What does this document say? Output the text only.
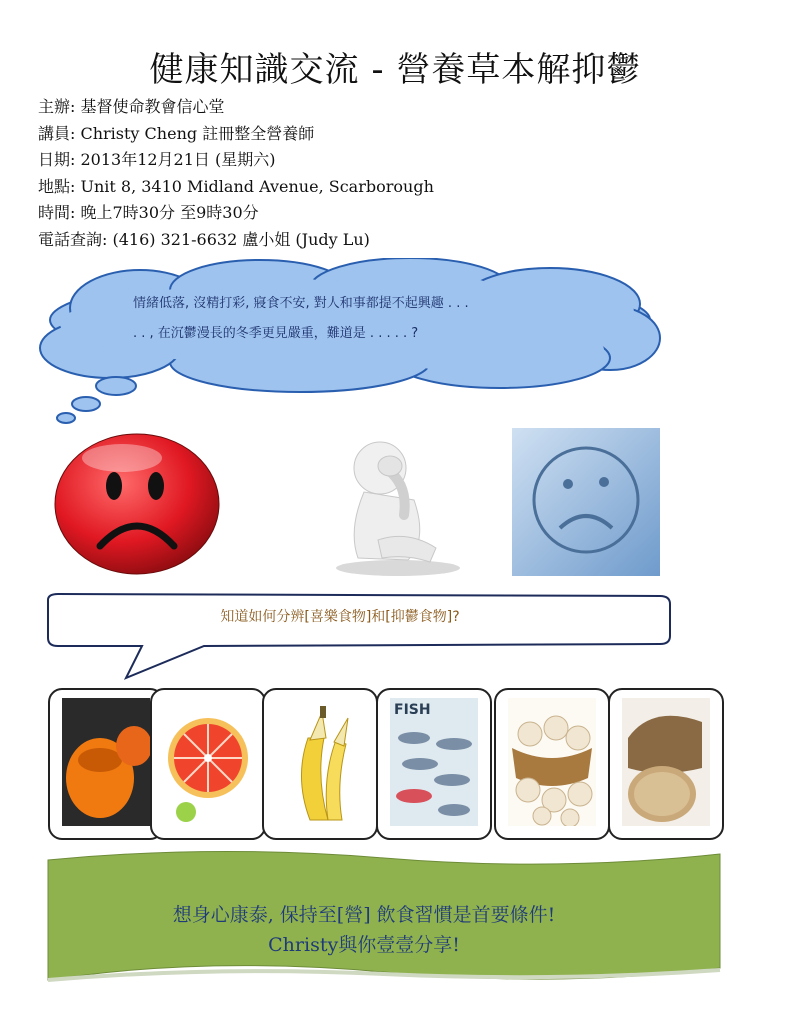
健康知識交流 - 營養草本解抑鬱
主辦: 基督使命教會信心堂
講員: Christy Cheng 註冊整全營養師
日期: 2013年12月21日 (星期六)
地點: Unit 8, 3410 Midland Avenue, Scarborough
時間: 晚上7時30分 至9時30分
電話查詢: (416) 321-6632 盧小姐 (Judy Lu)
情緒低落, 沒精打彩, 寢食不安, 對人和事都提不起興趣 . . .
. . , 在沉鬱漫長的冬季更見嚴重，難道是 . . . . . ?
知道如何分辨[喜樂食物]和[抑鬱食物]?
FISH
想身心康泰, 保持至[營] 飲食習慣是首要條件!
Christy與你壹壹分享!
